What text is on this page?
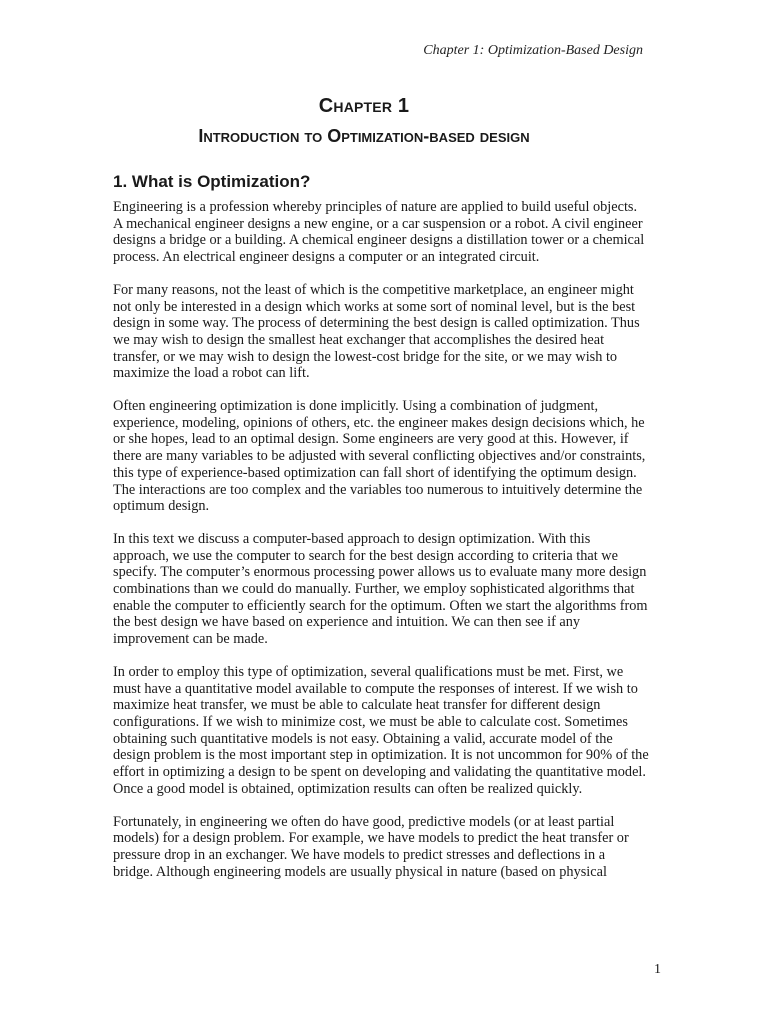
Chapter 1: Optimization-Based Design
Chapter 1
Introduction to Optimization-based design
1. What is Optimization?

Engineering is a profession whereby principles of nature are applied to build useful objects.
A mechanical engineer designs a new engine, or a car suspension or a robot. A civil engineer
designs a bridge or a building. A chemical engineer designs a distillation tower or a chemical
process. An electrical engineer designs a computer or an integrated circuit.

For many reasons, not the least of which is the competitive marketplace, an engineer might
not only be interested in a design which works at some sort of nominal level, but is the best
design in some way. The process of determining the best design is called optimization. Thus
we may wish to design the smallest heat exchanger that accomplishes the desired heat
transfer, or we may wish to design the lowest-cost bridge for the site, or we may wish to
maximize the load a robot can lift.

Often engineering optimization is done implicitly. Using a combination of judgment,
experience, modeling, opinions of others, etc. the engineer makes design decisions which, he
or she hopes, lead to an optimal design. Some engineers are very good at this. However, if
there are many variables to be adjusted with several conflicting objectives and/or constraints,
this type of experience-based optimization can fall short of identifying the optimum design.
The interactions are too complex and the variables too numerous to intuitively determine the
optimum design.

In this text we discuss a computer-based approach to design optimization. With this
approach, we use the computer to search for the best design according to criteria that we
specify. The computer’s enormous processing power allows us to evaluate many more design
combinations than we could do manually. Further, we employ sophisticated algorithms that
enable the computer to efficiently search for the optimum. Often we start the algorithms from
the best design we have based on experience and intuition. We can then see if any
improvement can be made.

In order to employ this type of optimization, several qualifications must be met. First, we
must have a quantitative model available to compute the responses of interest. If we wish to
maximize heat transfer, we must be able to calculate heat transfer for different design
configurations. If we wish to minimize cost, we must be able to calculate cost. Sometimes
obtaining such quantitative models is not easy. Obtaining a valid, accurate model of the
design problem is the most important step in optimization. It is not uncommon for 90% of the
effort in optimizing a design to be spent on developing and validating the quantitative model.
Once a good model is obtained, optimization results can often be realized quickly.

Fortunately, in engineering we often do have good, predictive models (or at least partial
models) for a design problem. For example, we have models to predict the heat transfer or
pressure drop in an exchanger. We have models to predict stresses and deflections in a
bridge. Although engineering models are usually physical in nature (based on physical

1
